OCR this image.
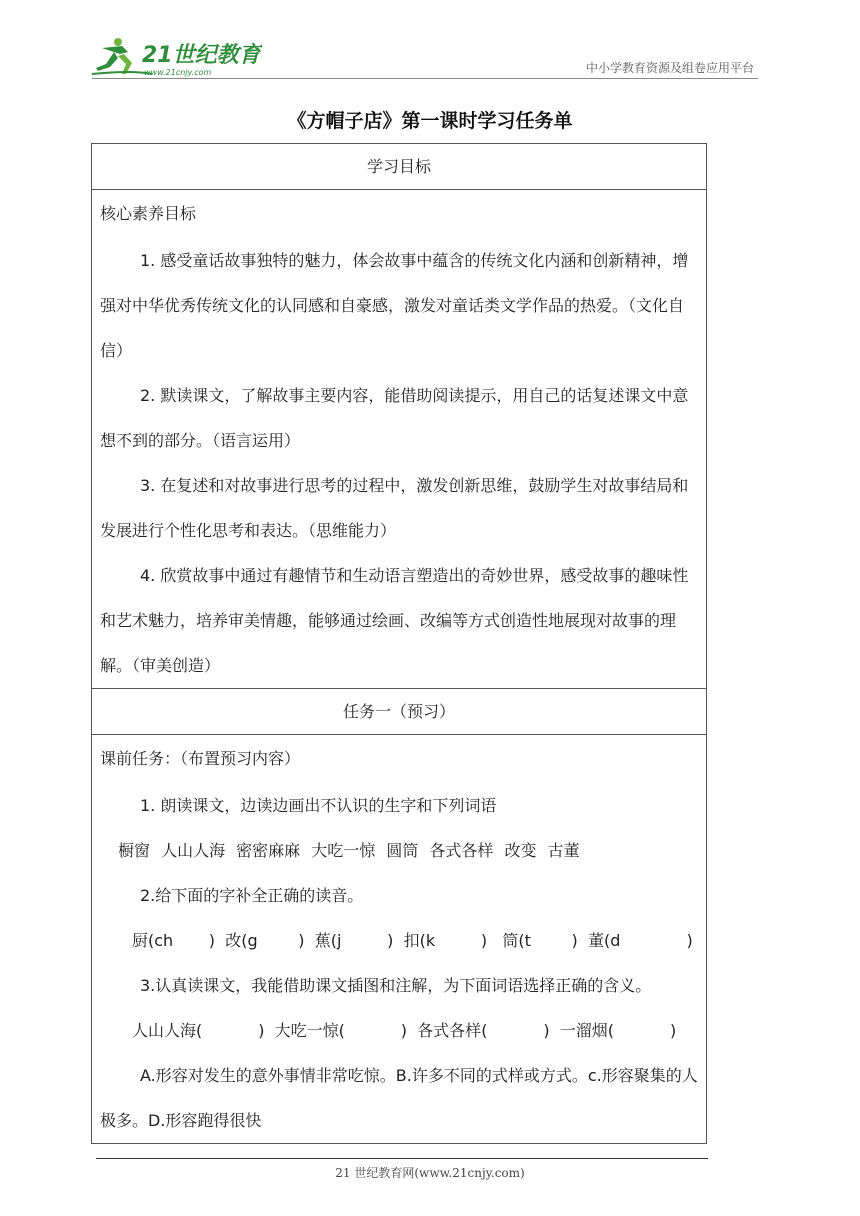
21世纪教育
www.21cnjy.com	中小学教育资源及组卷应用平台
《方帽子店》第一课时学习任务单
学习目标

核心素养目标

1. 感受童话故事独特的魅力，体会故事中蕴含的传统文化内涵和创新精神，增强对中华优秀传统文化的认同感和自豪感，激发对童话类文学作品的热爱。（文化自信）

2. 默读课文，了解故事主要内容，能借助阅读提示，用自己的话复述课文中意想不到的部分。（语言运用）

3. 在复述和对故事进行思考的过程中，激发创新思维，鼓励学生对故事结局和发展进行个性化思考和表达。（思维能力）

4. 欣赏故事中通过有趣情节和生动语言塑造出的奇妙世界，感受故事的趣味性和艺术魅力，培养审美情趣，能够通过绘画、改编等方式创造性地展现对故事的理解。（审美创造）

任务一（预习）

课前任务：（布置预习内容）

1. 朗读课文，边读边画出不认识的生字和下列词语

橱窗 人山人海 密密麻麻 大吃一惊 圆筒 各式各样 改变 古董

2.给下面的字补全正确的读音。

厨(ch       )  改(g        )  蕉(j         )  扣(k         )   筒(t        )  董(d             )

3.认真读课文，我能借助课文插图和注解，为下面词语选择正确的含义。

人山人海(           )  大吃一惊(           )  各式各样(           )  一溜烟(           )

A.形容对发生的意外事情非常吃惊。B.许多不同的式样或方式。c.形容聚集的人极多。D.形容跑得很快

21 世纪教育网(www.21cnjy.com)
